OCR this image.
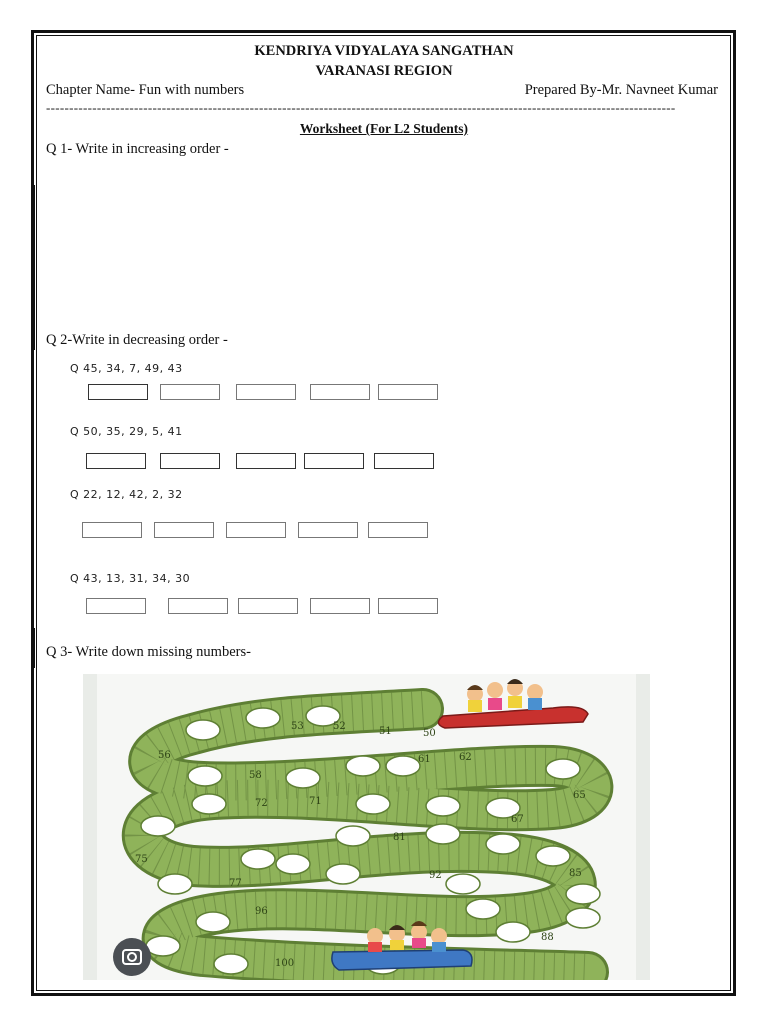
KENDRIYA VIDYALAYA SANGATHAN
VARANASI REGION
Chapter Name- Fun with numbers	Prepared By-Mr. Navneet Kumar
----------------------------------------------------------------------------------------------------------------------------------------
Worksheet (For L2 Students)
Q 1- Write in increasing order -
Q 2-Write in decreasing order -
Q 45, 34, 7, 49, 43
Q 50, 35, 29, 5, 41
Q 22, 12, 42, 2, 32
Q 43, 13, 31, 34, 30
Q 3- Write down missing numbers-
53	52	51	50
56	61	62
58
65
72	71
67
81
75
92	85
77
96
88
100
